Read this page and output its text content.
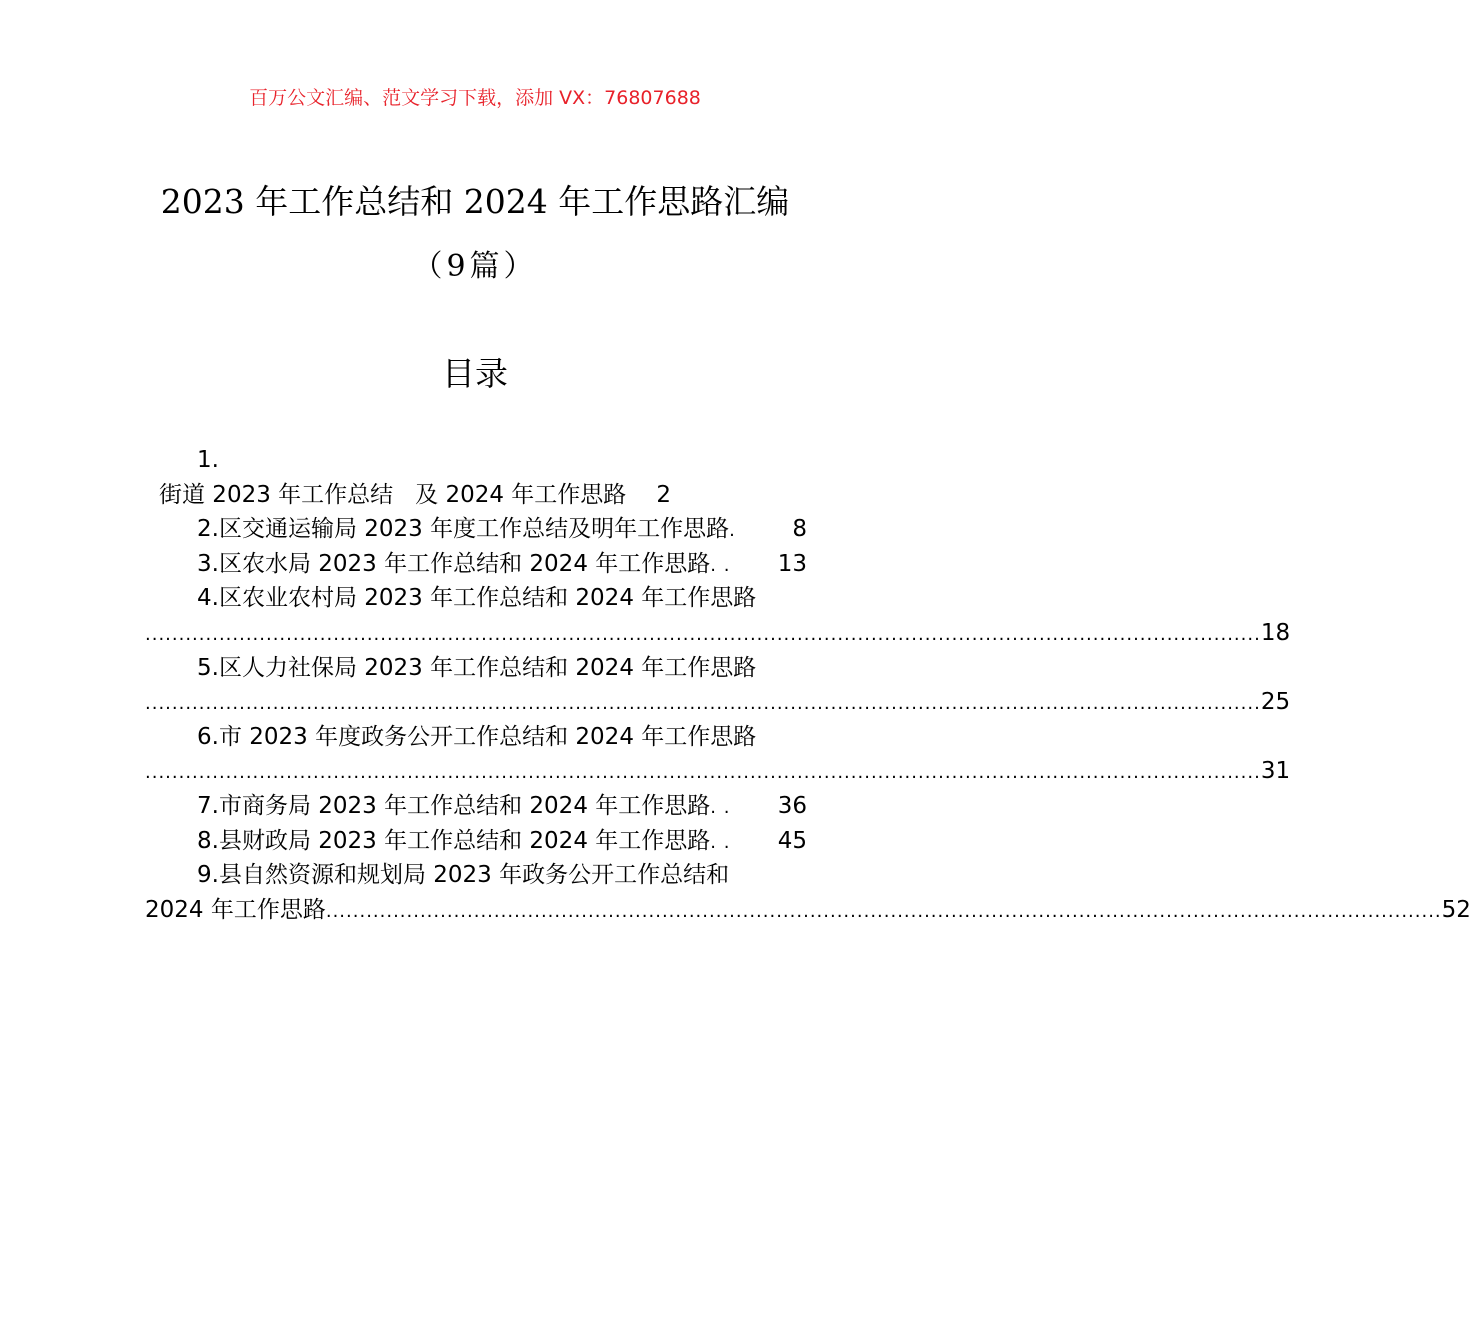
百万公文汇编、范文学习下载，添加 VX：76807688
2023 年工作总结和 2024 年工作思路汇编
（9篇）
目录
1.
街道 2023 年工作总结 及 2024 年工作思路 2
2. 区交通运输局 2023 年度工作总结及明年工作思路 .	8
3. 区农水局 2023 年工作总结和 2024 年工作思路 . .	13
4.区农业农村局 2023 年工作总结和 2024 年工作思路
...................................................................................................................................................................... 18
5.区人力社保局 2023 年工作总结和 2024 年工作思路
...................................................................................................................................................................... 25
6.市 2023 年度政务公开工作总结和 2024 年工作思路
...................................................................................................................................................................... 31
7. 市商务局 2023 年工作总结和 2024 年工作思路 . .	36
8. 县财政局 2023 年工作总结和 2024 年工作思路 . .	45
9.县自然资源和规划局 2023 年政务公开工作总结和
2024 年工作思路 ...................................................................................................................................................................... 52
